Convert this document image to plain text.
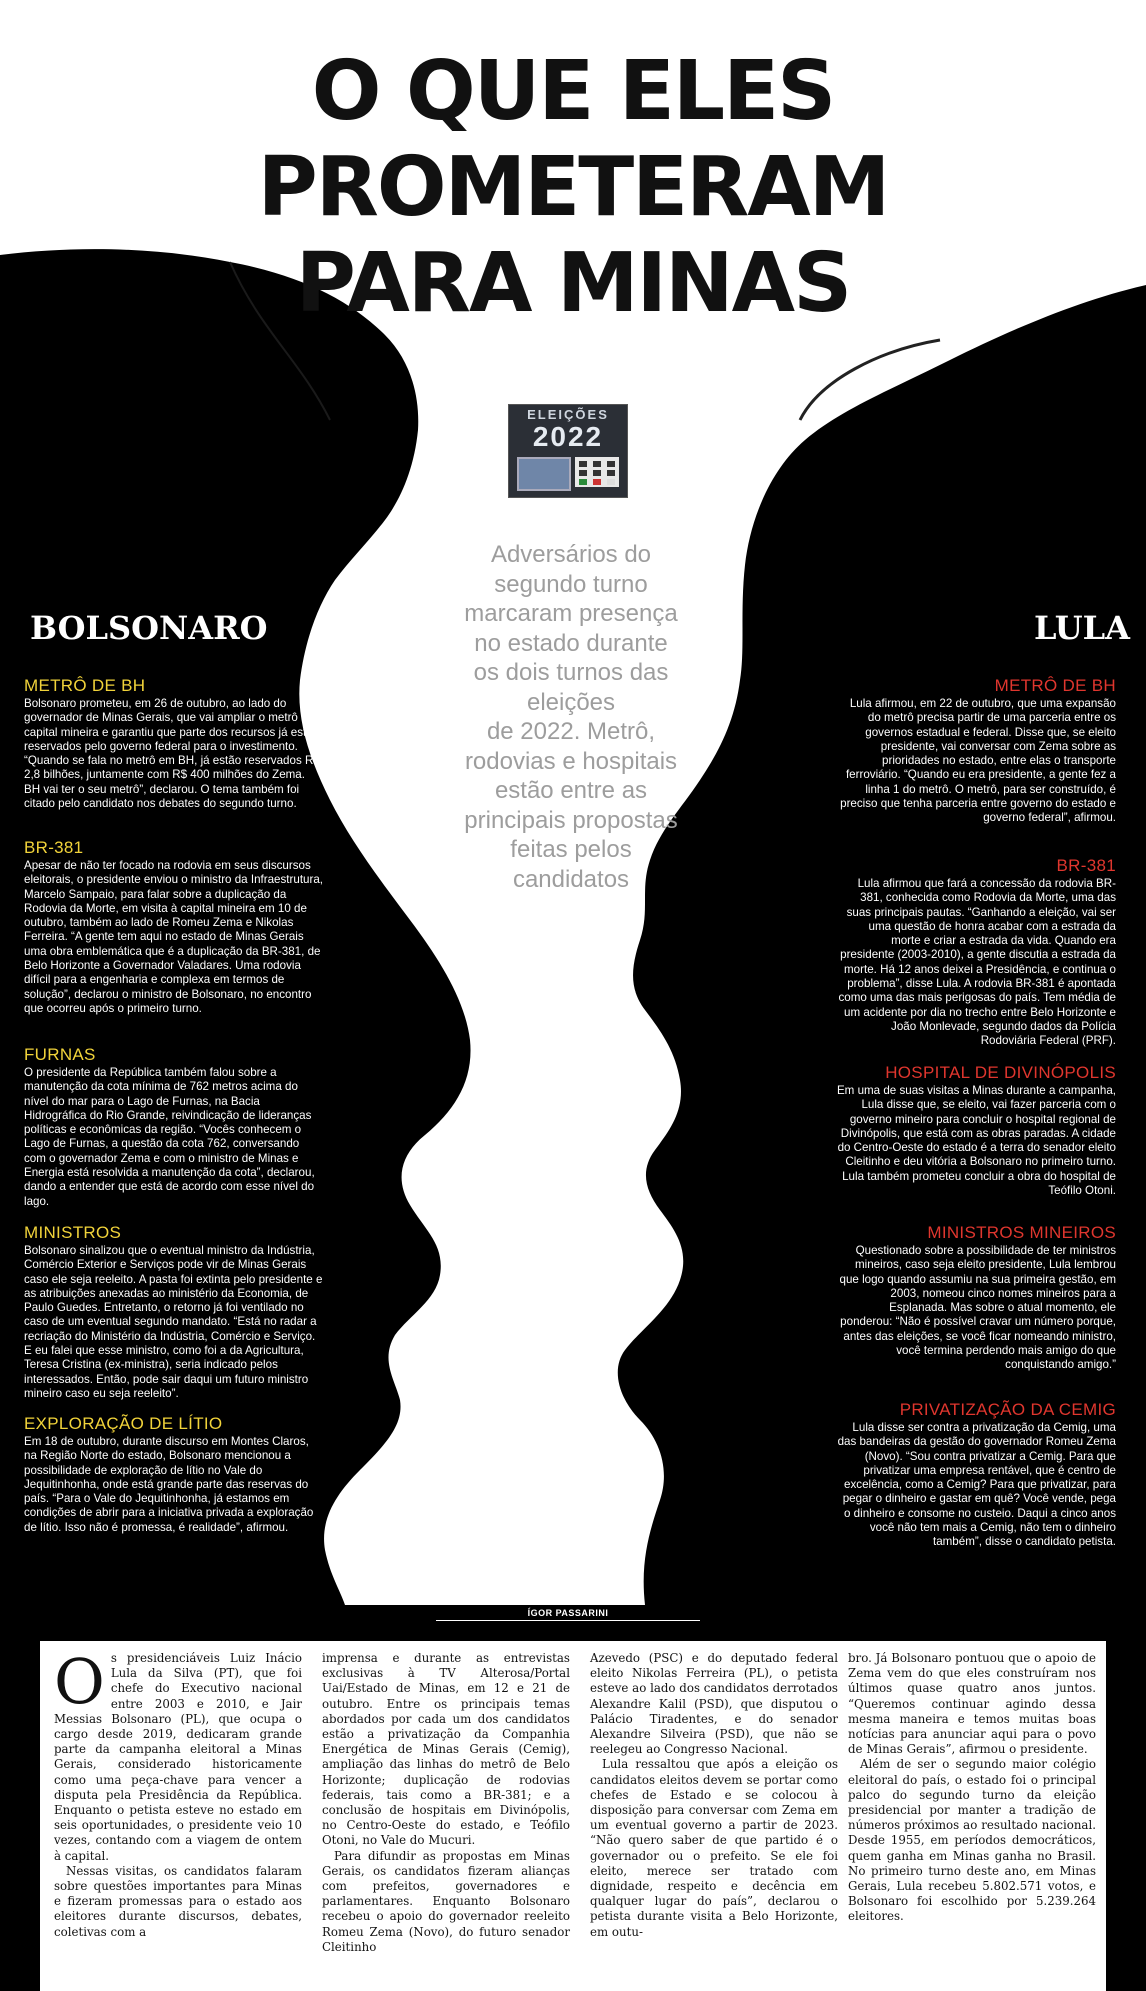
O QUE ELES
PROMETERAM
PARA MINAS
ELEIÇÕES
2022
Adversários do
segundo turno
marcaram presença
no estado durante
os dois turnos das
eleições
de 2022. Metrô,
rodovias e hospitais
estão entre as
principais propostas
feitas pelos
candidatos
BOLSONARO
METRÔ DE BH

Bolsonaro prometeu, em 26 de outubro, ao lado do governador de Minas Gerais, que vai ampliar o metrô da capital mineira e garantiu que parte dos recursos já estão reservados pelo governo federal para o investimento. “Quando se fala no metrô em BH, já estão reservados R$ 2,8 bilhões, juntamente com R$ 400 milhões do Zema. BH vai ter o seu metrô”, declarou. O tema também foi citado pelo candidato nos debates do segundo turno.

BR-381

Apesar de não ter focado na rodovia em seus discursos eleitorais, o presidente enviou o ministro da Infraestrutura, Marcelo Sampaio, para falar sobre a duplicação da Rodovia da Morte, em visita à capital mineira em 10 de outubro, também ao lado de Romeu Zema e Nikolas Ferreira. “A gente tem aqui no estado de Minas Gerais uma obra emblemática que é a duplicação da BR-381, de Belo Horizonte a Governador Valadares. Uma rodovia difícil para a engenharia e complexa em termos de solução”, declarou o ministro de Bolsonaro, no encontro que ocorreu após o primeiro turno.

FURNAS

O presidente da República também falou sobre a manutenção da cota mínima de 762 metros acima do nível do mar para o Lago de Furnas, na Bacia Hidrográfica do Rio Grande, reivindicação de lideranças políticas e econômicas da região. “Vocês conhecem o Lago de Furnas, a questão da cota 762, conversando com o governador Zema e com o ministro de Minas e Energia está resolvida a manutenção da cota”, declarou, dando a entender que está de acordo com esse nível do lago.

MINISTROS

Bolsonaro sinalizou que o eventual ministro da Indústria, Comércio Exterior e Serviços pode vir de Minas Gerais caso ele seja reeleito. A pasta foi extinta pelo presidente e as atribuições anexadas ao ministério da Economia, de Paulo Guedes. Entretanto, o retorno já foi ventilado no caso de um eventual segundo mandato. “Está no radar a recriação do Ministério da Indústria, Comércio e Serviço. E eu falei que esse ministro, como foi a da Agricultura, Teresa Cristina (ex-ministra), seria indicado pelos interessados. Então, pode sair daqui um futuro ministro mineiro caso eu seja reeleito”.

EXPLORAÇÃO DE LÍTIO

Em 18 de outubro, durante discurso em Montes Claros, na Região Norte do estado, Bolsonaro mencionou a possibilidade de exploração de lítio no Vale do Jequitinhonha, onde está grande parte das reservas do país. “Para o Vale do Jequitinhonha, já estamos em condições de abrir para a iniciativa privada a exploração de lítio. Isso não é promessa, é realidade”, afirmou.

LULA
METRÔ DE BH

Lula afirmou, em 22 de outubro, que uma expansão do metrô precisa partir de uma parceria entre os governos estadual e federal. Disse que, se eleito presidente, vai conversar com Zema sobre as prioridades no estado, entre elas o transporte ferroviário. “Quando eu era presidente, a gente fez a linha 1 do metrô. O metrô, para ser construído, é preciso que tenha parceria entre governo do estado e governo federal”, afirmou.

BR-381

Lula afirmou que fará a concessão da rodovia BR-381, conhecida como Rodovia da Morte, uma das suas principais pautas. “Ganhando a eleição, vai ser uma questão de honra acabar com a estrada da morte e criar a estrada da vida. Quando era presidente (2003-2010), a gente discutia a estrada da morte. Há 12 anos deixei a Presidência, e continua o problema”, disse Lula. A rodovia BR-381 é apontada como uma das mais perigosas do país. Tem média de um acidente por dia no trecho entre Belo Horizonte e João Monlevade, segundo dados da Polícia Rodoviária Federal (PRF).

HOSPITAL DE DIVINÓPOLIS

Em uma de suas visitas a Minas durante a campanha, Lula disse que, se eleito, vai fazer parceria com o governo mineiro para concluir o hospital regional de Divinópolis, que está com as obras paradas. A cidade do Centro-Oeste do estado é a terra do senador eleito Cleitinho e deu vitória a Bolsonaro no primeiro turno. Lula também prometeu concluir a obra do hospital de Teófilo Otoni.

MINISTROS MINEIROS

Questionado sobre a possibilidade de ter ministros mineiros, caso seja eleito presidente, Lula lembrou que logo quando assumiu na sua primeira gestão, em 2003, nomeou cinco nomes mineiros para a Esplanada. Mas sobre o atual momento, ele ponderou: “Não é possível cravar um número porque, antes das eleições, se você ficar nomeando ministro, você termina perdendo mais amigo do que conquistando amigo.”

PRIVATIZAÇÃO DA CEMIG

Lula disse ser contra a privatização da Cemig, uma das bandeiras da gestão do governador Romeu Zema (Novo). “Sou contra privatizar a Cemig. Para que privatizar uma empresa rentável, que é centro de excelência, como a Cemig? Para que privatizar, para pegar o dinheiro e gastar em quê? Você vende, pega o dinheiro e consome no custeio. Daqui a cinco anos você não tem mais a Cemig, não tem o dinheiro também”, disse o candidato petista.

ÍGOR PASSARINI

Os presidenciáveis Luiz Inácio Lula da Silva (PT), que foi chefe do Executivo nacional entre 2003 e 2010, e Jair Messias Bolsonaro (PL), que ocupa o cargo desde 2019, dedicaram grande parte da campanha eleitoral a Minas Gerais, considerado historicamente como uma peça-chave para vencer a disputa pela Presidência da República. Enquanto o petista esteve no estado em seis oportunidades, o presidente veio 10 vezes, contando com a viagem de ontem à capital.

Nessas visitas, os candidatos falaram sobre questões importantes para Minas e fizeram promessas para o estado aos eleitores durante discursos, debates, coletivas com a

imprensa e durante as entrevistas exclusivas à TV Alterosa/Portal Uai/Estado de Minas, em 12 e 21 de outubro. Entre os principais temas abordados por cada um dos candidatos estão a privatização da Companhia Energética de Minas Gerais (Cemig), ampliação das linhas do metrô de Belo Horizonte; duplicação de rodovias federais, tais como a BR-381; e a conclusão de hospitais em Divinópolis, no Centro-Oeste do estado, e Teófilo Otoni, no Vale do Mucuri.

Para difundir as propostas em Minas Gerais, os candidatos fizeram alianças com prefeitos, governadores e parlamentares. Enquanto Bolsonaro recebeu o apoio do governador reeleito Romeu Zema (Novo), do futuro senador Cleitinho

Azevedo (PSC) e do deputado federal eleito Nikolas Ferreira (PL), o petista esteve ao lado dos candidatos derrotados Alexandre Kalil (PSD), que disputou o Palácio Tiradentes, e do senador Alexandre Silveira (PSD), que não se reelegeu ao Congresso Nacional.

Lula ressaltou que após a eleição os candidatos eleitos devem se portar como chefes de Estado e se colocou à disposição para conversar com Zema em um eventual governo a partir de 2023. “Não quero saber de que partido é o governador ou o prefeito. Se ele foi eleito, merece ser tratado com dignidade, respeito e decência em qualquer lugar do país”, declarou o petista durante visita a Belo Horizonte, em outu-

bro. Já Bolsonaro pontuou que o apoio de Zema vem do que eles construíram nos últimos quase quatro anos juntos. “Queremos continuar agindo dessa mesma maneira e temos muitas boas notícias para anunciar aqui para o povo de Minas Gerais”, afirmou o presidente.

Além de ser o segundo maior colégio eleitoral do país, o estado foi o principal palco do segundo turno da eleição presidencial por manter a tradição de números próximos ao resultado nacional. Desde 1955, em períodos democráticos, quem ganha em Minas ganha no Brasil. No primeiro turno deste ano, em Minas Gerais, Lula recebeu 5.802.571 votos, e Bolsonaro foi escolhido por 5.239.264 eleitores.
